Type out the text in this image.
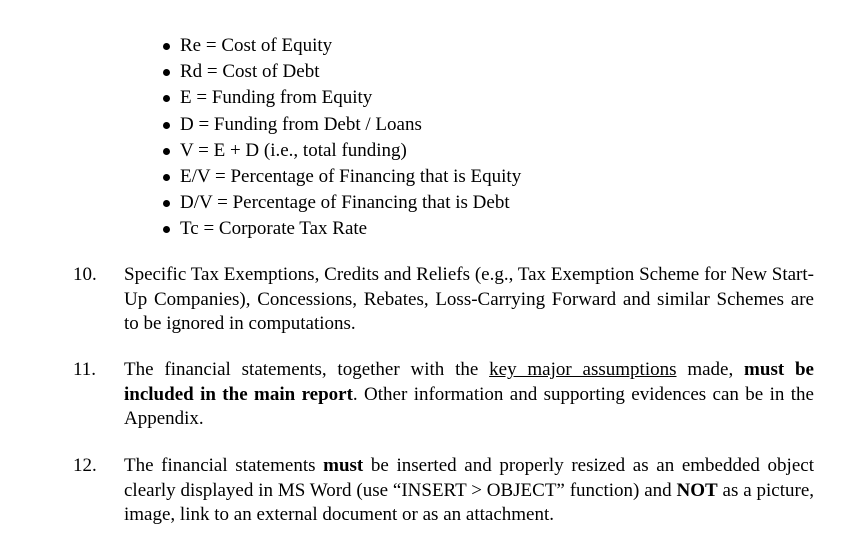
Re = Cost of Equity
Rd = Cost of Debt
E = Funding from Equity
D = Funding from Debt / Loans
V = E + D (i.e., total funding)
E/V = Percentage of Financing that is Equity
D/V = Percentage of Financing that is Debt
Tc = Corporate Tax Rate
10. Specific Tax Exemptions, Credits and Reliefs (e.g., Tax Exemption Scheme for New Start-Up Companies), Concessions, Rebates, Loss-Carrying Forward and similar Schemes are to be ignored in computations.
11. The financial statements, together with the key major assumptions made, must be included in the main report. Other information and supporting evidences can be in the Appendix.
12. The financial statements must be inserted and properly resized as an embedded object clearly displayed in MS Word (use “INSERT > OBJECT” function) and NOT as a picture, image, link to an external document or as an attachment.
